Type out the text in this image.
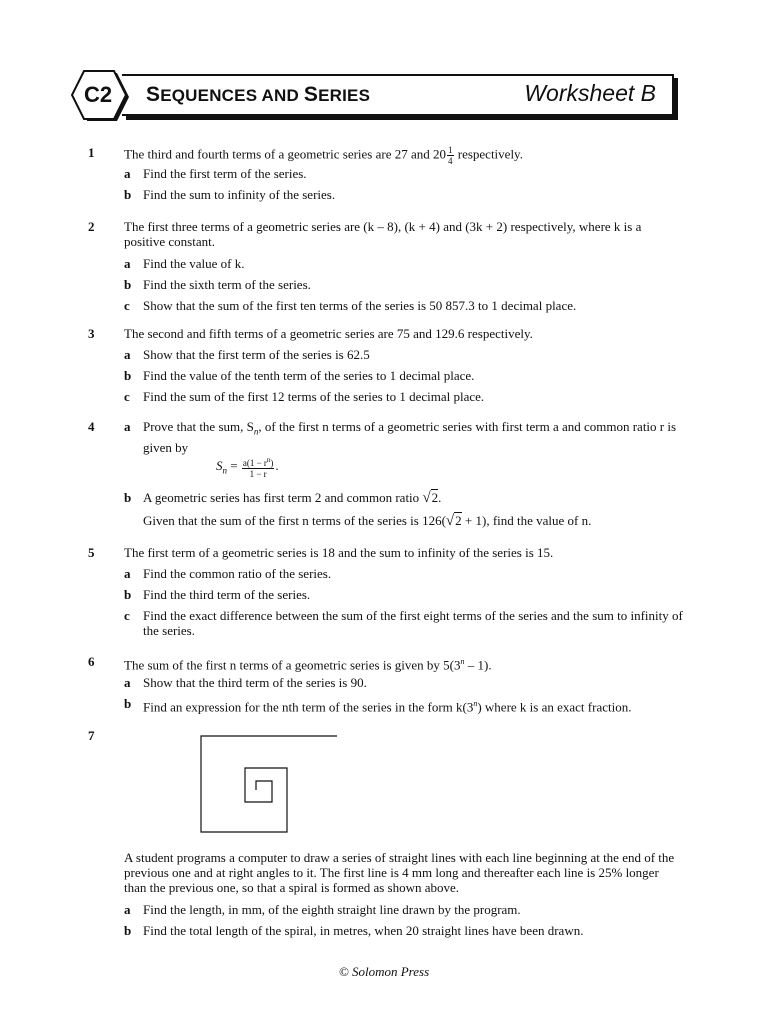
SEQUENCES AND SERIES	Worksheet B
C2
1 The third and fourth terms of a geometric series are 27 and $20 \frac{1}{4}$ respectively.
a Find the first term of the series.
b Find the sum to infinity of the series.
2 The first three terms of a geometric series are (k – 8), (k + 4) and (3k + 2) respectively, where k is a positive constant.
a Find the value of k.
b Find the sixth term of the series.
c Show that the sum of the first ten terms of the series is 50 857.3 to 1 decimal place.
3 The second and fifth terms of a geometric series are 75 and 129.6 respectively.
a Show that the first term of the series is 62.5
b Find the value of the tenth term of the series to 1 decimal place.
c Find the sum of the first 12 terms of the series to 1 decimal place.
4 a Prove that the sum, $S_n$, of the first n terms of a geometric series with first term a and common ratio r is given by
$S_n = \frac{a(1 - r^n)}{1 - r}$ .
b A geometric series has first term 2 and common ratio √2.
Given that the sum of the first n terms of the series is 126(√2 + 1), find the value of n.
5 The first term of a geometric series is 18 and the sum to infinity of the series is 15.
a Find the common ratio of the series.
b Find the third term of the series.
c Find the exact difference between the sum of the first eight terms of the series and the sum to infinity of the series.
6 The sum of the first n terms of a geometric series is given by 5(3$^n$ – 1).
a Show that the third term of the series is 90.
b Find an expression for the nth term of the series in the form k(3$^n$) where k is an exact fraction.
7
A student programs a computer to draw a series of straight lines with each line beginning at the end of the previous one and at right angles to it. The first line is 4 mm long and thereafter each line is 25% longer than the previous one, so that a spiral is formed as shown above.
a Find the length, in mm, of the eighth straight line drawn by the program.
b Find the total length of the spiral, in metres, when 20 straight lines have been drawn.
© Solomon Press
